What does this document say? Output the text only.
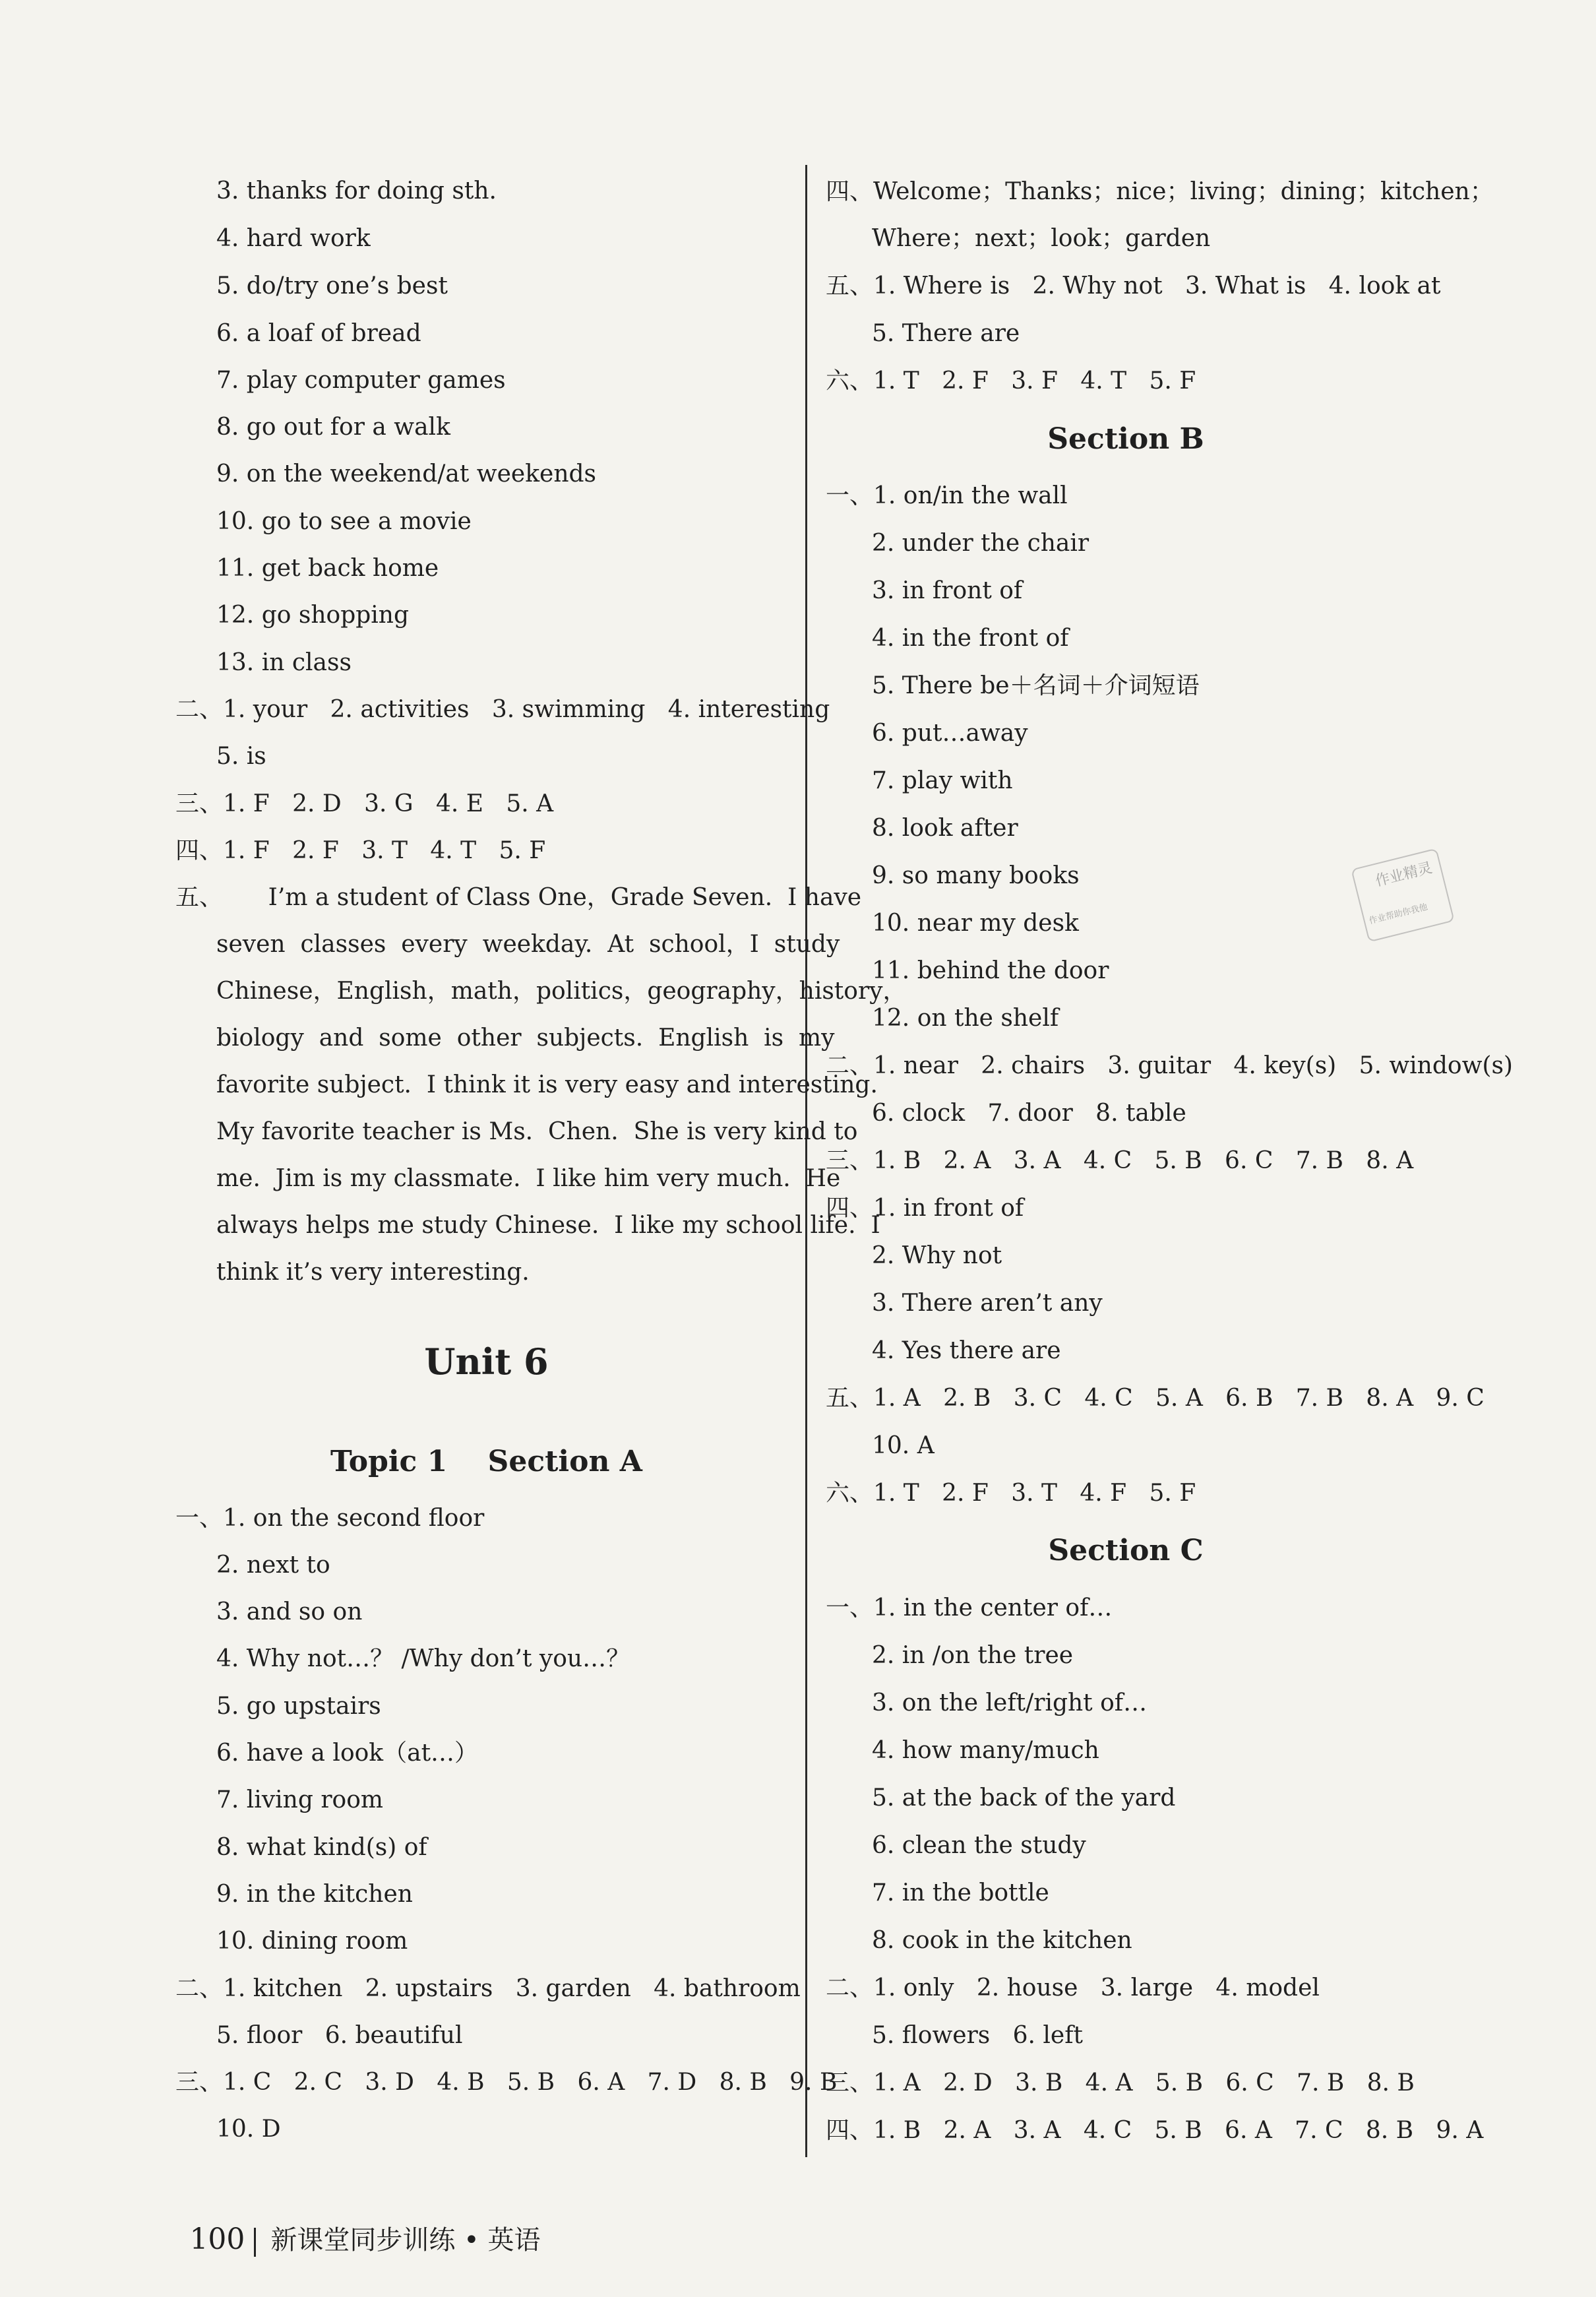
3. thanks for doing sth.
4. hard work
5. do/try one’s best
6. a loaf of bread
7. play computer games
8. go out for a walk
9. on the weekend/at weekends
10. go to see a movie
11. get back home
12. go shopping
13. in class
二、1. your   2. activities   3. swimming   4. interesting
5. is
三、1. F   2. D   3. G   4. E   5. A
四、1. F   2. F   3. T   4. T   5. F
五、      I’m a student of Class One，Grade Seven.  I have
seven  classes  every  weekday.  At  school，I  study
Chinese，English，math，politics，geography，history，
biology  and  some  other  subjects.  English  is  my
favorite subject.  I think it is very easy and interesting.
My favorite teacher is Ms.  Chen.  She is very kind to
me.  Jim is my classmate.  I like him very much.  He
always helps me study Chinese.  I like my school life.  I
think it’s very interesting.
Unit 6
Topic 1    Section A
一、1. on the second floor
2. next to
3. and so on
4. Why not…？ /Why don’t you…？
5. go upstairs
6. have a look（at…）
7. living room
8. what kind(s) of
9. in the kitchen
10. dining room
二、1. kitchen   2. upstairs   3. garden   4. bathroom
5. floor   6. beautiful
三、1. C   2. C   3. D   4. B   5. B   6. A   7. D   8. B   9. B
10. D
四、Welcome；Thanks；nice；living；dining；kitchen；
Where；next；look；garden
五、1. Where is   2. Why not   3. What is   4. look at
5. There are
六、1. T   2. F   3. F   4. T   5. F
Section B
一、1. on/in the wall
2. under the chair
3. in front of
4. in the front of
5. There be＋名词＋介词短语
6. put…away
7. play with
8. look after
9. so many books
10. near my desk
11. behind the door
12. on the shelf
二、1. near   2. chairs   3. guitar   4. key(s)   5. window(s)
6. clock   7. door   8. table
三、1. B   2. A   3. A   4. C   5. B   6. C   7. B   8. A
四、1. in front of
2. Why not
3. There aren’t any
4. Yes there are
五、1. A   2. B   3. C   4. C   5. A   6. B   7. B   8. A   9. C
10. A
六、1. T   2. F   3. T   4. F   5. F
Section C
一、1. in the center of…
2. in /on the tree
3. on the left/right of…
4. how many/much
5. at the back of the yard
6. clean the study
7. in the bottle
8. cook in the kitchen
二、1. only   2. house   3. large   4. model
5. flowers   6. left
三、1. A   2. D   3. B   4. A   5. B   6. C   7. B   8. B
四、1. B   2. A   3. A   4. C   5. B   6. A   7. C   8. B   9. A
作业精灵
作业帮助你我他

100 新课堂同步训练 • 英语
